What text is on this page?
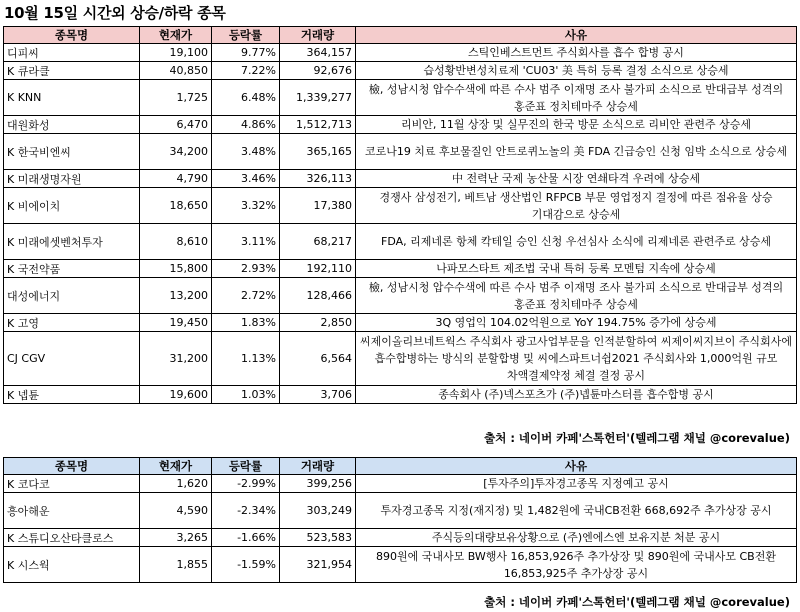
10월 15일 시간외 상승/하락 종목
종목명	현재가	등락률	거래량	사유
디피씨	19,100	9.77%	364,157	스틱인베스트먼트 주식회사를 흡수 합병 공시
K 큐라클	40,850	7.22%	92,676	습성황반변성치료제 'CU03' 美 특허 등록 결정 소식으로 상승세
K KNN	1,725	6.48%	1,339,277	檢, 성남시청 압수수색에 따른 수사 범주 이재명 조사 불가피 소식으로 반대급부 성격의 홍준표 정치테마주 상승세
대원화성	6,470	4.86%	1,512,713	리비안, 11월 상장 및 실무진의 한국 방문 소식으로 리비안 관련주 상승세
K 한국비엔씨	34,200	3.48%	365,165	코로나19 치료 후보물질인 안트로퀴노놀의 美 FDA 긴급승인 신청 임박 소식으로 상승세
K 미래생명자원	4,790	3.46%	326,113	中 전력난 국제 농산물 시장 연쇄타격 우려에 상승세
K 비에이치	18,650	3.32%	17,380	경쟁사 삼성전기, 베트남 생산법인 RFPCB 부문 영업정지 결정에 따른 점유율 상승 기대감으로 상승세
K 미래에셋벤처투자	8,610	3.11%	68,217	FDA, 리제네론 항체 칵테일 승인 신청 우선심사 소식에 리제네론 관련주로 상승세
K 국전약품	15,800	2.93%	192,110	나파모스타트 제조법 국내 특허 등록 모멘텀 지속에 상승세
대성에너지	13,200	2.72%	128,466	檢, 성남시청 압수수색에 따른 수사 범주 이재명 조사 불가피 소식으로 반대급부 성격의 홍준표 정치테마주 상승세
K 고영	19,450	1.83%	2,850	3Q 영업익 104.02억원으로 YoY 194.75% 증가에 상승세
CJ CGV	31,200	1.13%	6,564	씨제이올리브네트웍스 주식회사 광고사업부문을 인적분할하여 씨제이씨지브이 주식회사에 흡수합병하는 방식의 분할합병 및 씨에스파트너쉽2021 주식회사와 1,000억원 규모 차액결제약정 체결 결정 공시
K 넵튠	19,600	1.03%	3,706	종속회사 (주)넥스포츠가 (주)넵튠마스터를 흡수합병 공시
출처 : 네이버 카페'스톡헌터'(텔레그램 채널 @corevalue)
종목명	현재가	등락률	거래량	사유
K 코다코	1,620	-2.99%	399,256	[투자주의]투자경고종목 지정예고 공시
흥아해운	4,590	-2.34%	303,249	투자경고종목 지정(재지정) 및 1,482원에 국내CB전환 668,692주 추가상장 공시
K 스튜디오산타클로스	3,265	-1.66%	523,583	주식등의대량보유상황으로 (주)엔에스엔 보유지분 처분 공시
K 시스웍	1,855	-1.59%	321,954	890원에 국내사모 BW행사 16,853,926주 추가상장 및 890원에 국내사모 CB전환 16,853,925주 추가상장 공시
출처 : 네이버 카페'스톡헌터'(텔레그램 채널 @corevalue)
